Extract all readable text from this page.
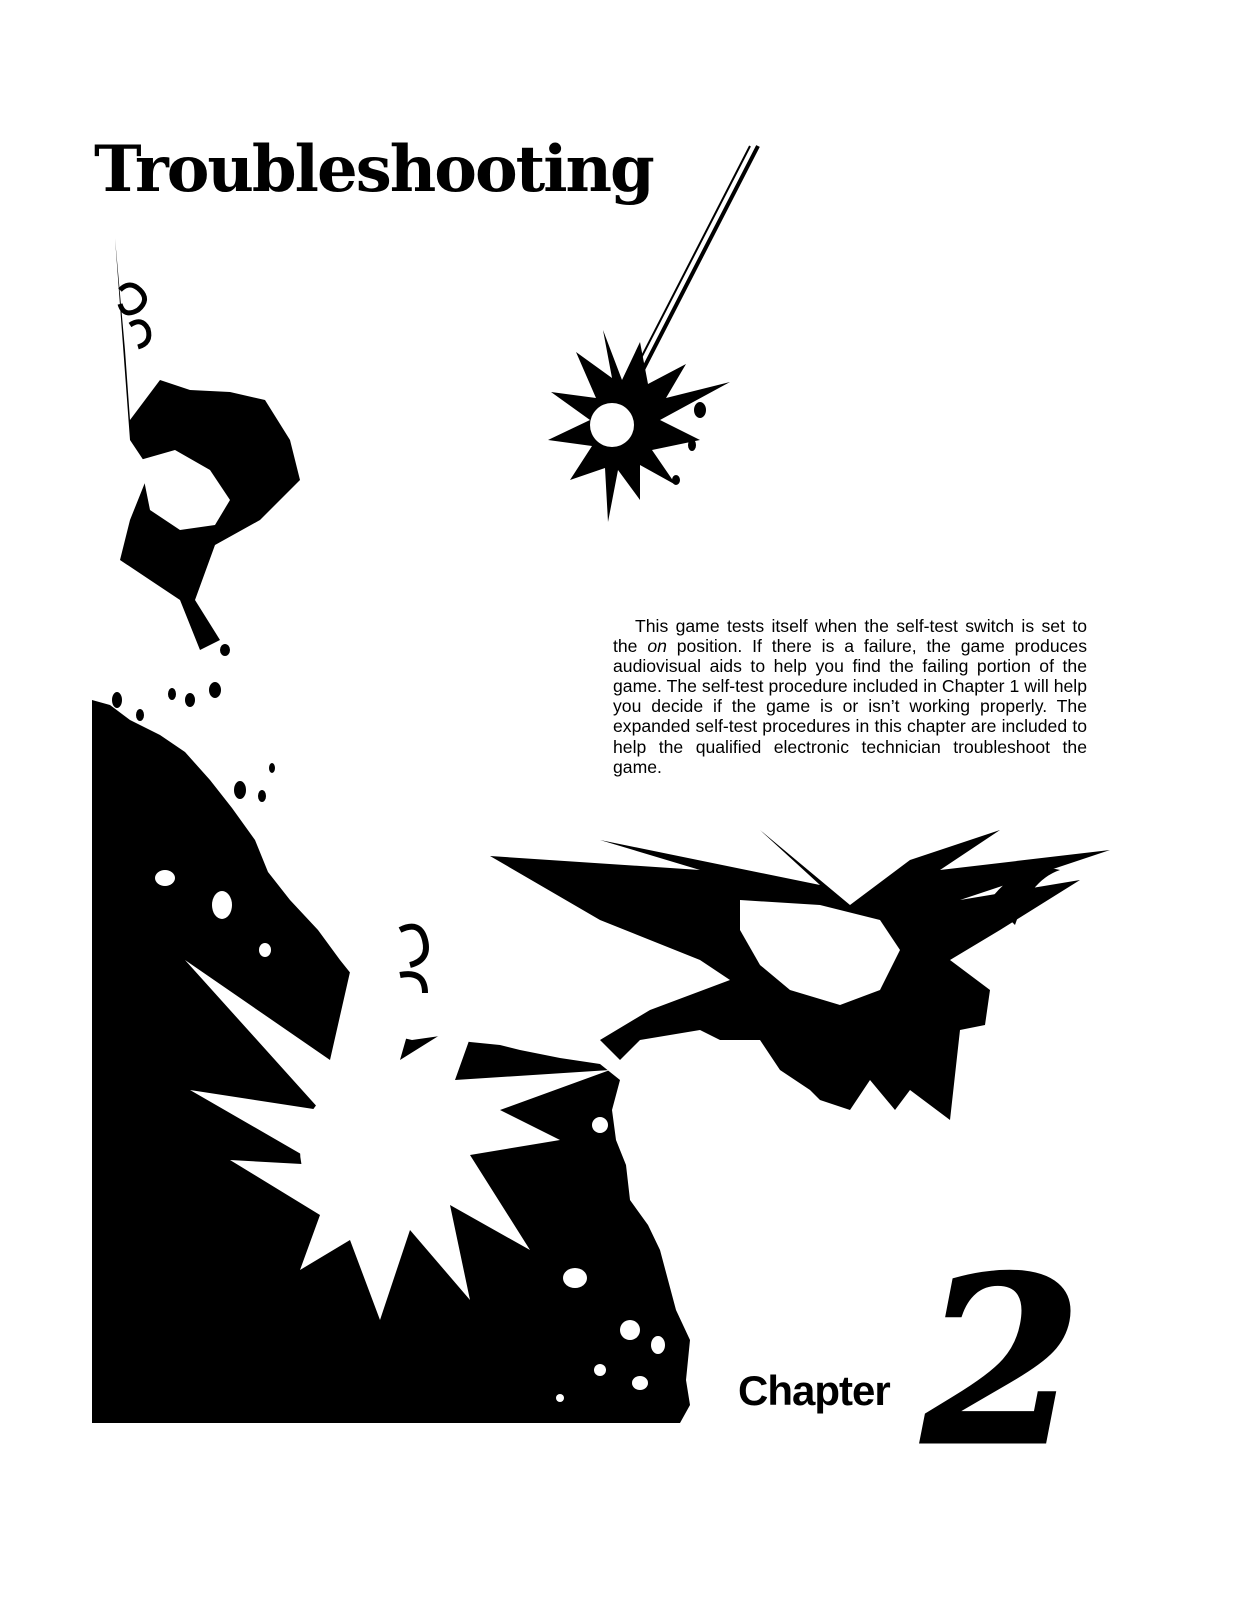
Troubleshooting

This game tests itself when the self-test switch is set to the on position. If there is a failure, the game produces audiovisual aids to help you find the failing portion of the game. The self-test procedure included in Chapter 1 will help you decide if the game is or isn’t working properly. The expanded self-test procedures in this chapter are included to help the qualified electronic technician troubleshoot the game.

Chapter 2
